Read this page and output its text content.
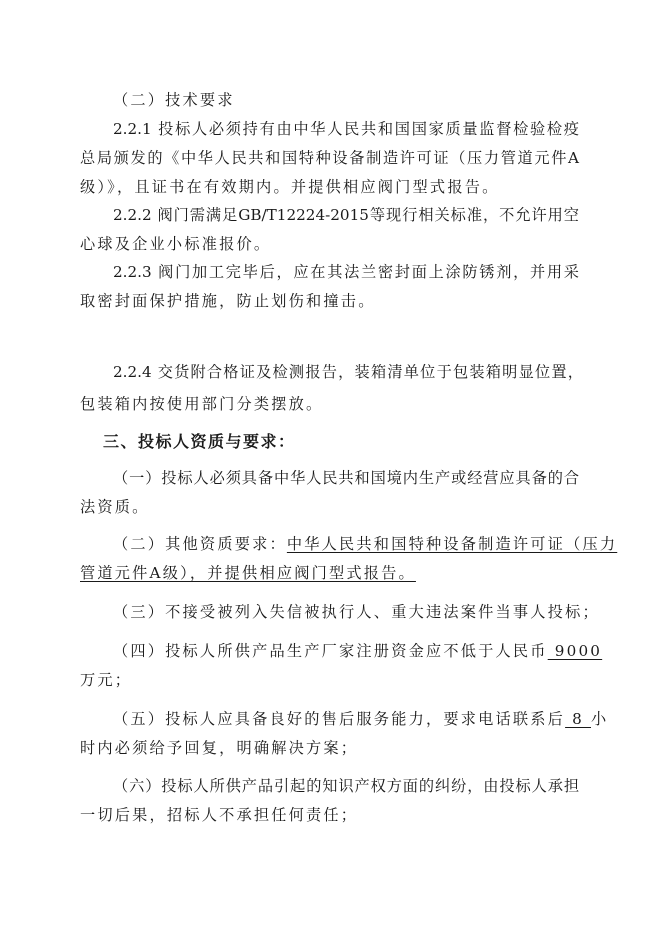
（二）技术要求
2.2.1 投标人必须持有由中华人民共和国国家质量监督检验检疫
总局颁发的《中华人民共和国特种设备制造许可证（压力管道元件A
级）》，且证书在有效期内。并提供相应阀门型式报告。
2.2.2 阀门需满足GB/T12224-2015等现行相关标准，不允许用空
心球及企业小标准报价。
2.2.3 阀门加工完毕后，应在其法兰密封面上涂防锈剂，并用采
取密封面保护措施，防止划伤和撞击。
2.2.4 交货附合格证及检测报告，装箱清单位于包装箱明显位置，
包装箱内按使用部门分类摆放。
三、投标人资质与要求：
（一）投标人必须具备中华人民共和国境内生产或经营应具备的合
法资质。
（二）其他资质要求：中华人民共和国特种设备制造许可证（压力
管道元件A级），并提供相应阀门型式报告。
（三）不接受被列入失信被执行人、重大违法案件当事人投标；
（四）投标人所供产品生产厂家注册资金应不低于人民币 9000
万元；
（五）投标人应具备良好的售后服务能力，要求电话联系后 8 小
时内必须给予回复，明确解决方案；
（六）投标人所供产品引起的知识产权方面的纠纷，由投标人承担
一切后果，招标人不承担任何责任；
